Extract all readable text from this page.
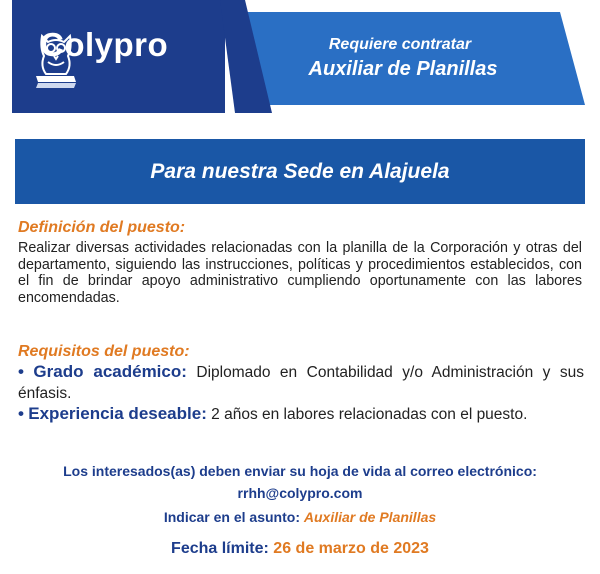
Colypro	Requiere contratar
Auxiliar de Planillas
Para nuestra Sede en Alajuela
Definición del puesto:

Realizar diversas actividades relacionadas con la planilla de la Corporación y otras del departamento, siguiendo las instrucciones, políticas y procedimientos establecidos, con el fin de brindar apoyo administrativo cumpliendo oportunamente con las labores encomendadas.

Requisitos del puesto:

• Grado académico: Diplomado en Contabilidad y/o Administración y sus énfasis.

• Experiencia deseable: 2 años en labores relacionadas con el puesto.

Los interesados(as) deben enviar su hoja de vida al correo electrónico:
rrhh@colypro.com
Indicar en el asunto: Auxiliar de Planillas
Fecha límite: 26 de marzo de 2023
